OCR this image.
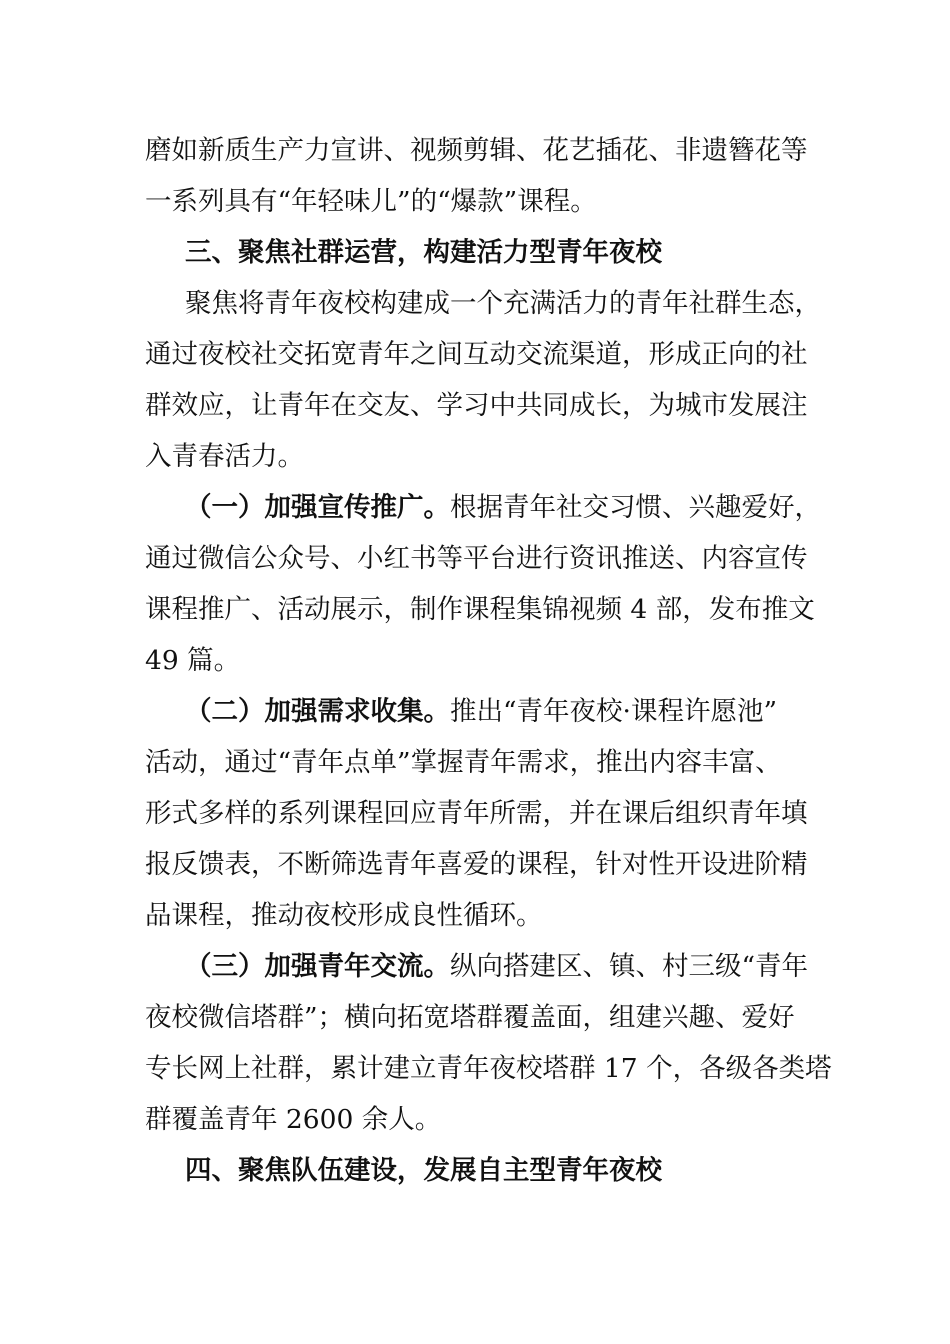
磨如新质生产力宣讲、视频剪辑、花艺插花、非遗簪花等
一系列具有“年轻味儿”的“爆款”课程。
三、聚焦社群运营，构建活力型青年夜校
聚焦将青年夜校构建成一个充满活力的青年社群生态，
通过夜校社交拓宽青年之间互动交流渠道，形成正向的社
群效应，让青年在交友、学习中共同成长，为城市发展注
入青春活力。
（一）加强宣传推广。根据青年社交习惯、兴趣爱好，
通过微信公众号、小红书等平台进行资讯推送、内容宣传
课程推广、活动展示，制作课程集锦视频 4 部，发布推文
49 篇。
（二）加强需求收集。推出“青年夜校·课程许愿池”
活动，通过“青年点单”掌握青年需求，推出内容丰富、
形式多样的系列课程回应青年所需，并在课后组织青年填
报反馈表，不断筛选青年喜爱的课程，针对性开设进阶精
品课程，推动夜校形成良性循环。
（三）加强青年交流。纵向搭建区、镇、村三级“青年
夜校微信塔群”；横向拓宽塔群覆盖面，组建兴趣、爱好
专长网上社群，累计建立青年夜校塔群 17 个，各级各类塔
群覆盖青年 2600 余人。
四、聚焦队伍建设，发展自主型青年夜校
